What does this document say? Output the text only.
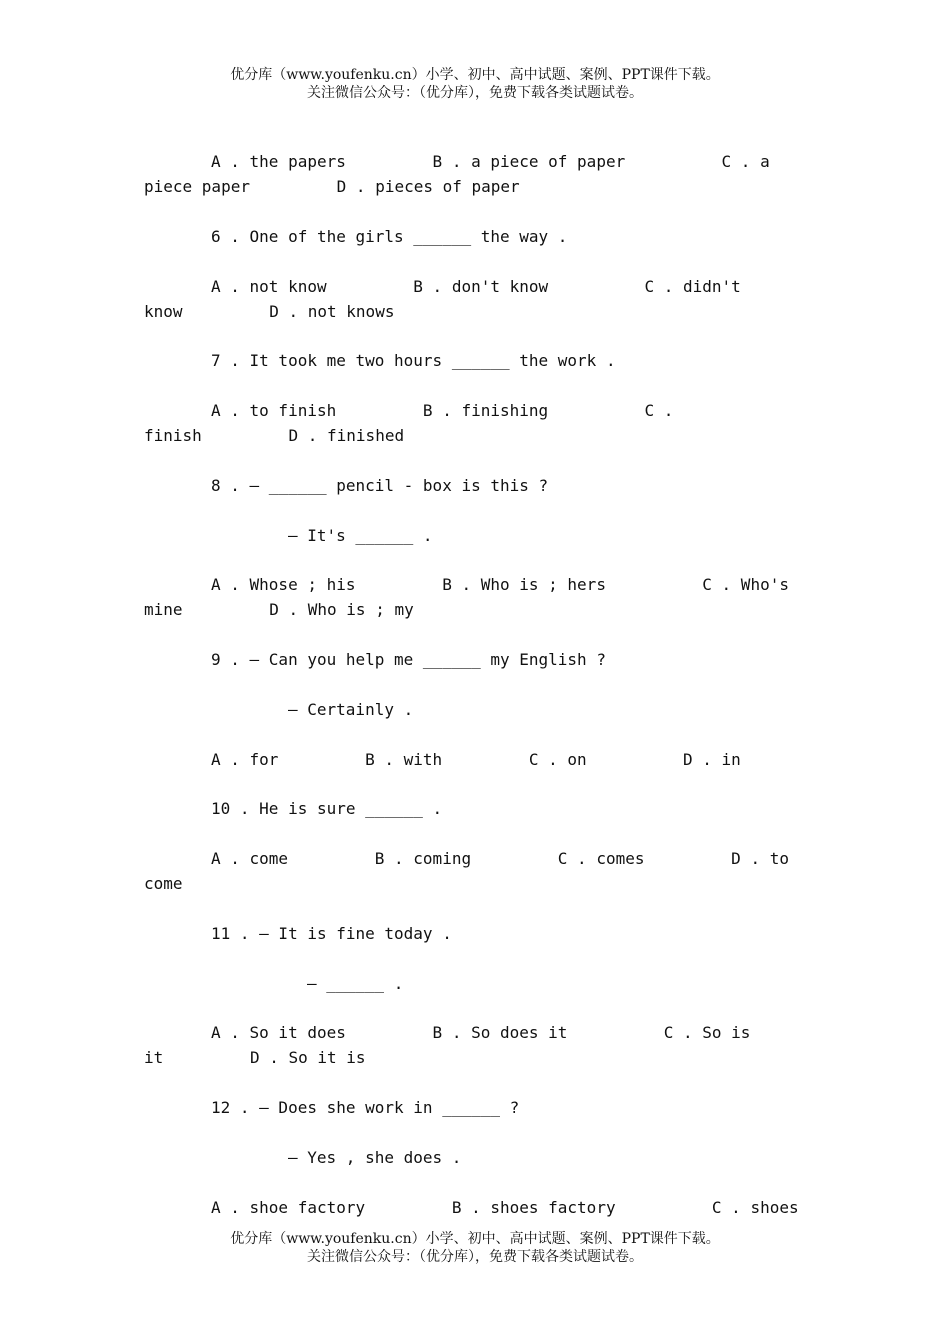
优分库（www.youfenku.cn）小学、初中、高中试题、案例、PPT课件下载。
关注微信公众号：（优分库），免费下载各类试题试卷。
A . the papers         B . a piece of paper          C . a
piece paper         D . pieces of paper
6 . One of the girls ______ the way .
A . not know         B . don't know          C . didn't
know         D . not knows
7 . It took me two hours ______ the work .
A . to finish         B . finishing          C .
finish         D . finished
8 . — ______ pencil - box is this ?
— It's ______ .
A . Whose ; his         B . Who is ; hers          C . Who's
mine         D . Who is ; my
9 . — Can you help me ______ my English ?
— Certainly .
A . for         B . with         C . on          D . in
10 . He is sure ______ .
A . come         B . coming         C . comes         D . to
come
11 . — It is fine today .
— ______ .
A . So it does         B . So does it          C . So is
it         D . So it is
12 . — Does she work in ______ ?
— Yes , she does .
A . shoe factory         B . shoes factory          C . shoes
优分库（www.youfenku.cn）小学、初中、高中试题、案例、PPT课件下载。
关注微信公众号：（优分库），免费下载各类试题试卷。
